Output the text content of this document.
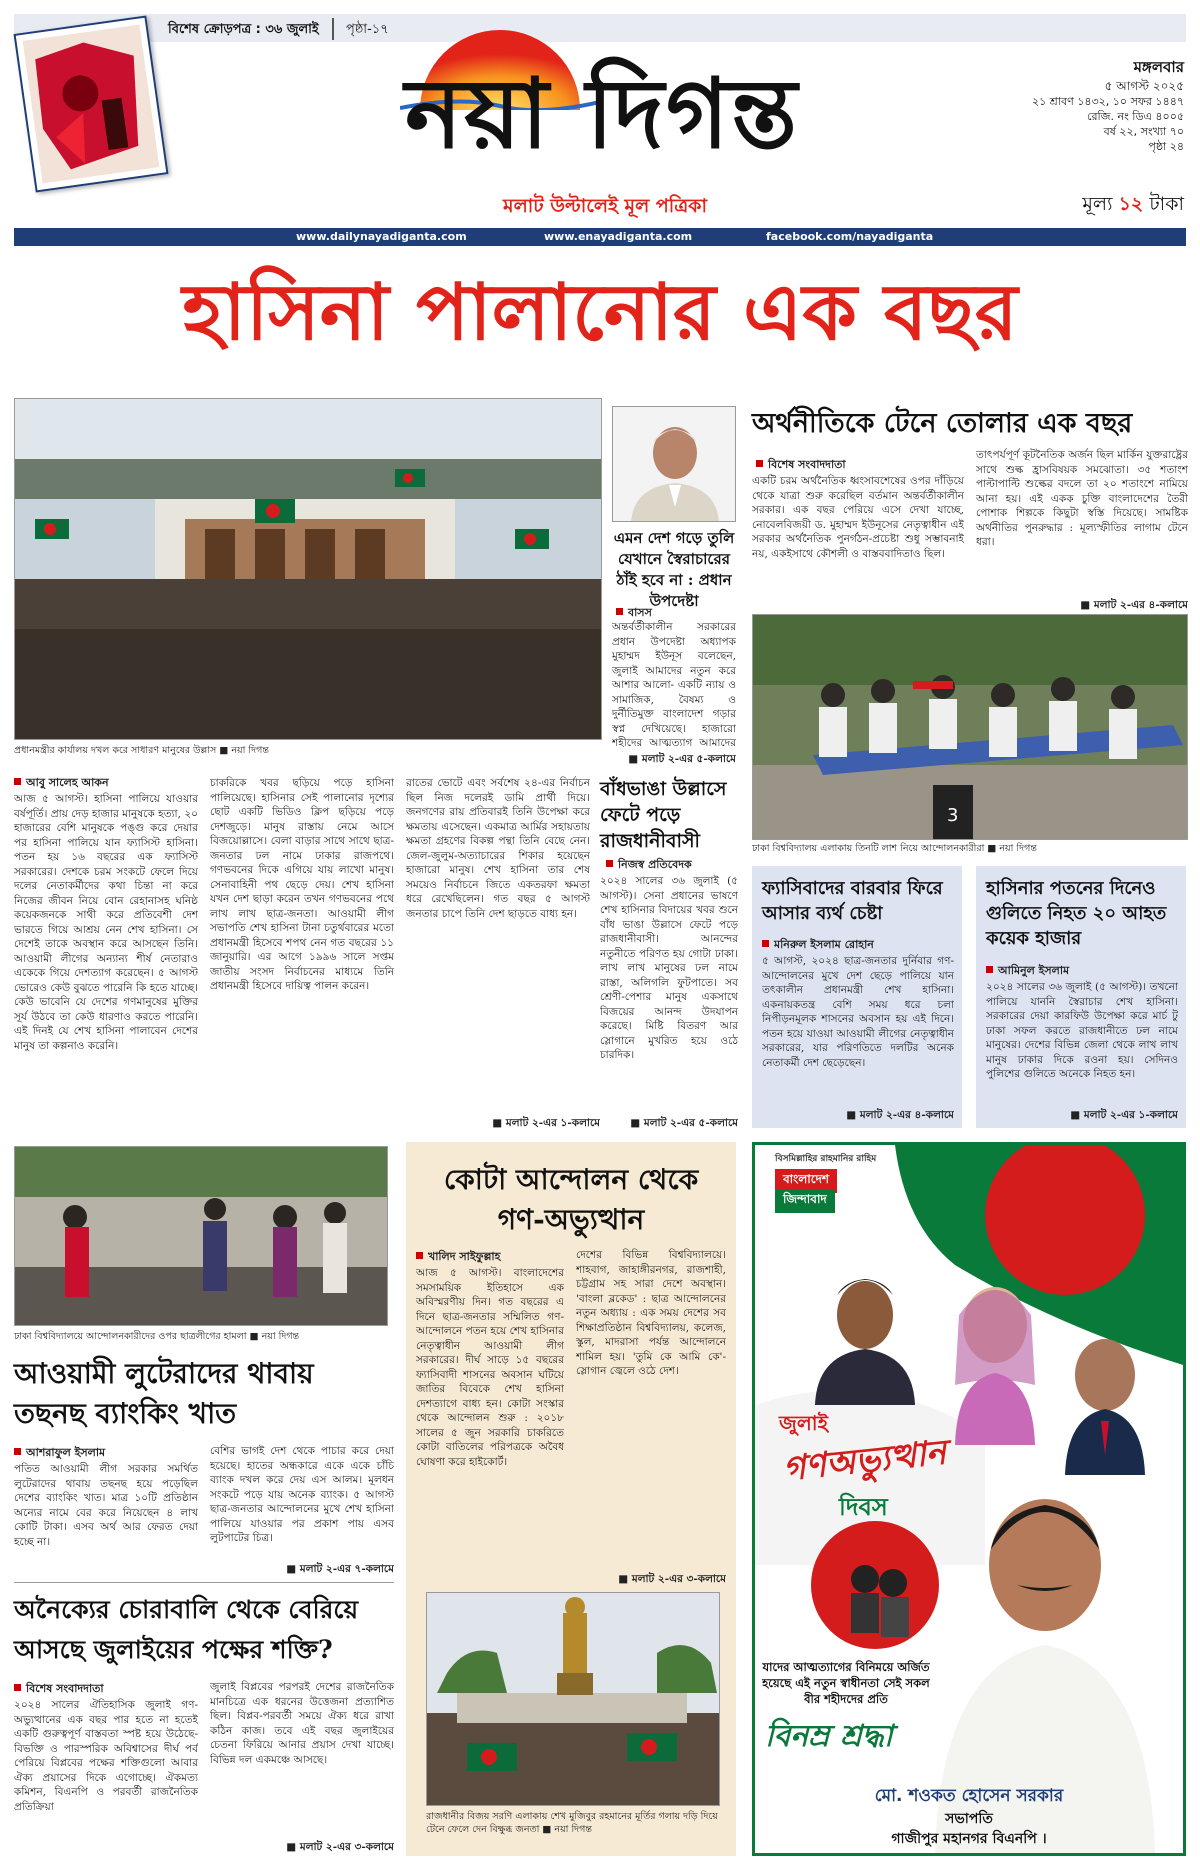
বিশেষ ক্রোড়পত্র : ৩৬ জুলাই পৃষ্ঠা-১৭
নয়া দিগন্ত
মলাট উল্টালেই মূল পত্রিকা
মঙ্গলবার
৫ আগস্ট ২০২৫
২১ শ্রাবণ ১৪৩২, ১০ সফর ১৪৪৭
রেজি. নং ডিএ ৪০০৫
বর্ষ ২২, সংখ্যা ৭০
পৃষ্ঠা ২৪
মূল্য ১২ টাকা
www.dailynayadiganta.com	www.enayadiganta.com	facebook.com/nayadiganta
হাসিনা পালানোর এক বছর
প্রধানমন্ত্রীর কার্যালয় দখল করে সাধারণ মানুষের উল্লাস ■ নয়া দিগন্ত
আবু সালেহ আকন
আজ ৫ আগস্ট। হাসিনা পালিয়ে যাওয়ার বর্ষপূর্তি। প্রায় দেড় হাজার মানুষকে হত্যা, ২০ হাজারের বেশি মানুষকে পঙ্গু করে দেয়ার পর হাসিনা পালিয়ে যান ফ্যাসিস্ট হাসিনা। পতন হয় ১৬ বছরের এক ফ্যাসিস্ট সরকারের। দেশকে চরম সংকটে ফেলে দিয়ে দলের নেতাকর্মীদের কথা চিন্তা না করে নিজের জীবন নিয়ে বোন রেহানাসহ ঘনিষ্ঠ কয়েকজনকে সাথী করে প্রতিবেশী দেশ ভারতে গিয়ে আশ্রয় নেন শেখ হাসিনা। সে দেশেই তাকে অবস্থান করে আসছেন তিনি। আওয়ামী লীগের অন্যান্য শীর্ষ নেতারাও একেকে গিয়ে দেশত্যাগ করেছেন। ৫ আগস্ট ভোরেও কেউ বুঝতে পারেনি কি হতে যাচ্ছে। কেউ ভাবেনি যে দেশের গণমানুষের মুক্তির সূর্য উঠবে তা কেউ ধারণাও করতে পারেনি। এই দিনই যে শেখ হাসিনা পালাবেন দেশের মানুষ তা কল্পনাও করেনি।
চাকরিকে খবর ছড়িয়ে পড়ে হাসিনা পালিয়েছে। হাসিনার সেই পালানোর দৃশ্যের ছোট একটি ভিডিও ক্লিপ ছড়িয়ে পড়ে দেশজুড়ে। মানুষ রাস্তায় নেমে আসে বিজয়োল্লাসে। বেলা বাড়ার সাথে সাথে ছাত্র-জনতার ঢল নামে ঢাকার রাজপথে। গণভবনের দিকে এগিয়ে যায় লাখো মানুষ। সেনাবাহিনী পথ ছেড়ে দেয়। শেখ হাসিনা যখন দেশ ছাড়া করেন তখন গণভবনের পথে লাখ লাখ ছাত্র-জনতা। আওয়ামী লীগ সভাপতি শেখ হাসিনা টানা চতুর্থবারের মতো প্রধানমন্ত্রী হিসেবে শপথ নেন গত বছরের ১১ জানুয়ারি। এর আগে ১৯৯৬ সালে সপ্তম জাতীয় সংসদ নির্বাচনের মাধ্যমে তিনি প্রধানমন্ত্রী হিসেবে দায়িত্ব পালন করেন।
রাতের ভোটে এবং সর্বশেষ ২৪-এর নির্বাচন ছিল নিজ দলেরই ডামি প্রার্থী দিয়ে। জনগণের রায় প্রতিবারই তিনি উপেক্ষা করে ক্ষমতায় এসেছেন। একমাত্র আর্মির সহায়তায় ক্ষমতা গ্রহণের বিকল্প পন্থা তিনি বেছে নেন। জেল-জুলুম-অত্যাচারের শিকার হয়েছেন হাজারো মানুষ। শেখ হাসিনা তার শেষ সময়েও নির্বাচনে জিতে একতরফা ক্ষমতা ধরে রেখেছিলেন। গত বছর ৫ আগস্ট জনতার চাপে তিনি দেশ ছাড়তে বাধ্য হন।
■ মলাট ২-এর ১-কলামে
এমন দেশ গড়ে তুলি যেখানে স্বৈরাচারের ঠাঁই হবে না : প্রধান উপদেষ্টা
বাসস
অন্তর্বর্তীকালীন সরকারের প্রধান উপদেষ্টা অধ্যাপক মুহাম্মদ ইউনূস বলেছেন, জুলাই আমাদের নতুন করে আশার আলো- একটি ন্যায় ও সামাজিক, বৈষম্য ও দুর্নীতিমুক্ত বাংলাদেশ গড়ার স্বপ্ন দেখিয়েছে। হাজারো শহীদের আত্মত্যাগ আমাদের
■ মলাট ২-এর ৫-কলামে
অর্থনীতিকে টেনে তোলার এক বছর
বিশেষ সংবাদদাতা
একটি চরম অর্থনৈতিক ধ্বংসাবশেষের ওপর দাঁড়িয়ে থেকে যাত্রা শুরু করেছিল বর্তমান অন্তর্বর্তীকালীন সরকার। এক বছর পেরিয়ে এসে দেখা যাচ্ছে, নোবেলবিজয়ী ড. মুহাম্মদ ইউনূসের নেতৃত্বাধীন এই সরকার অর্থনৈতিক পুনর্গঠন-প্রচেষ্টা শুধু সম্ভাবনাই নয়, একইসাথে কৌশলী ও বাস্তববাদিতাও ছিল।
তাৎপর্যপূর্ণ কূটনৈতিক অর্জন ছিল মার্কিন যুক্তরাষ্ট্রের সাথে শুল্ক হ্রাসবিষয়ক সমঝোতা। ৩৫ শতাংশ পাল্টাপাল্টি শুল্কের বদলে তা ২০ শতাংশে নামিয়ে আনা হয়। এই একক চুক্তি বাংলাদেশের তৈরী পোশাক শিল্পকে কিছুটা স্বস্তি দিয়েছে। সামষ্টিক অর্থনীতির পুনরুদ্ধার : মূল্যস্ফীতির লাগাম টেনে ধরা।
■ মলাট ২-এর ৪-কলামে
3
ঢাকা বিশ্ববিদ্যালয় এলাকায় তিনটি লাশ নিয়ে আন্দোলনকারীরা ■ নয়া দিগন্ত
বাঁধভাঙা উল্লাসে ফেটে পড়ে রাজধানীবাসী
নিজস্ব প্রতিবেদক
২০২৪ সালের ৩৬ জুলাই (৫ আগস্ট)। সেনা প্রধানের ভাষণে শেখ হাসিনার বিদায়ের খবর শুনে বাঁধ ভাঙা উল্লাসে ফেটে পড়ে রাজধানীবাসী। আনন্দের নতুনীতে পরিণত হয় গোটা ঢাকা। লাখ লাখ মানুষের ঢল নামে রাস্তা, অলিগলি ফুটপাতে। সব শ্রেণী-পেশার মানুষ একসাথে বিজয়ের আনন্দ উদযাপন করেছে। মিষ্টি বিতরণ আর স্লোগানে মুখরিত হয়ে ওঠে চারদিক।
■ মলাট ২-এর ৫-কলামে
ফ্যাসিবাদের বারবার ফিরে আসার ব্যর্থ চেষ্টা
মনিরুল ইসলাম রোহান
৫ আগস্ট, ২০২৪ ছাত্র-জনতার দুর্নিবার গণ-আন্দোলনের মুখে দেশ ছেড়ে পালিয়ে যান তৎকালীন প্রধানমন্ত্রী শেখ হাসিনা। একনায়কতন্ত্র বেশি সময় ধরে চলা নিপীড়নমূলক শাসনের অবসান হয় এই দিনে। পতন হয়ে যাওয়া আওয়ামী লীগের নেতৃত্বাধীন সরকারের, যার পরিণতিতে দলটির অনেক নেতাকর্মী দেশ ছেড়েছেন।
■ মলাট ২-এর ৪-কলামে
হাসিনার পতনের দিনেও গুলিতে নিহত ২০ আহত কয়েক হাজার
আমিনুল ইসলাম
২০২৪ সালের ৩৬ জুলাই (৫ আগস্ট)। তখনো পালিয়ে যাননি স্বৈরাচার শেখ হাসিনা। সরকারের দেয়া কারফিউ উপেক্ষা করে মার্চ টু ঢাকা সফল করতে রাজধানীতে ঢল নামে মানুষের। দেশের বিভিন্ন জেলা থেকে লাখ লাখ মানুষ ঢাকার দিকে রওনা হয়। সেদিনও পুলিশের গুলিতে অনেকে নিহত হন।
■ মলাট ২-এর ১-কলামে
ঢাকা বিশ্ববিদ্যালয়ে আন্দোলনকারীদের ওপর ছাত্রলীগের হামলা ■ নয়া দিগন্ত
আওয়ামী লুটেরাদের থাবায় তছনছ ব্যাংকিং খাত
আশরাফুল ইসলাম
পতিত আওয়ামী লীগ সরকার সমর্থিত লুটেরাদের থাবায় তছনছ হয়ে পড়েছিল দেশের ব্যাংকিং খাত। মাত্র ১০টি প্রতিষ্ঠান অন্যের নামে বের করে নিয়েছেন ৪ লাখ কোটি টাকা। এসব অর্থ আর ফেরত দেয়া হচ্ছে না।
বেশির ভাগই দেশ থেকে পাচার করে দেয়া হয়েছে। হাতের অন্ধকারে একে একে চাঁচি ব্যাংক দখল করে দেয় এস আলম। মূলধন সংকটে পড়ে যায় অনেক ব্যাংক। ৫ আগস্ট ছাত্র-জনতার আন্দোলনের মুখে শেখ হাসিনা পালিয়ে যাওয়ার পর প্রকাশ পায় এসব লুটপাটের চিত্র।
■ মলাট ২-এর ৭-কলামে
অনৈক্যের চোরাবালি থেকে বেরিয়ে আসছে জুলাইয়ের পক্ষের শক্তি?
বিশেষ সংবাদদাতা
২০২৪ সালের ঐতিহাসিক জুলাই গণ-অভ্যুত্থানের এক বছর পার হতে না হতেই একটি গুরুত্বপূর্ণ বাস্তবতা স্পষ্ট হয়ে উঠেছে- বিভক্তি ও পারস্পরিক অবিশ্বাসের দীর্ঘ পর্ব পেরিয়ে বিপ্লবের পক্ষের শক্তিগুলো আবার ঐক্য প্রয়াসের দিকে এগোচ্ছে। ঐকমত্য কমিশন, বিএনপি ও পরবর্তী রাজনৈতিক প্রতিক্রিয়া
জুলাই বিপ্লবের পরপরই দেশের রাজনৈতিক মানচিত্রে এক ধরনের উত্তেজনা প্রত্যাশিত ছিল। বিপ্লব-পরবর্তী সময়ে ঐক্য ধরে রাখা কঠিন কাজ। তবে এই বছর জুলাইয়ের চেতনা ফিরিয়ে আনার প্রয়াস দেখা যাচ্ছে। বিভিন্ন দল একমঞ্চে আসছে।
■ মলাট ২-এর ৩-কলামে
কোটা আন্দোলন থেকে গণ-অভ্যুত্থান
খালিদ সাইফুল্লাহ
আজ ৫ আগস্ট। বাংলাদেশের সমসাময়িক ইতিহাসে এক অবিস্মরণীয় দিন। গত বছরের এ দিনে ছাত্র-জনতার সম্মিলিত গণ-আন্দোলনে পতন হয়ে শেখ হাসিনার নেতৃত্বাধীন আওয়ামী লীগ সরকারের। দীর্ঘ সাড়ে ১৫ বছরের ফ্যাসিবাদী শাসনের অবসান ঘটিয়ে জাতির বিবেকে শেখ হাসিনা দেশত্যাগে বাধ্য হন। কোটা সংস্কার থেকে আন্দোলন শুরু : ২০১৮ সালের ৫ জুন সরকারি চাকরিতে কোটা বাতিলের পরিপত্রকে অবৈধ ঘোষণা করে হাইকোর্ট।
দেশের বিভিন্ন বিশ্ববিদ্যালয়ে। শাহবাগ, জাহাঙ্গীরনগর, রাজশাহী, চট্টগ্রাম সহ সারা দেশে অবস্থান। 'বাংলা ব্লকেড' : ছাত্র আন্দোলনের নতুন অধ্যায় : এক সময় দেশের সব শিক্ষাপ্রতিষ্ঠান বিশ্ববিদ্যালয়, কলেজ, স্কুল, মাদরাসা পর্যন্ত আন্দোলনে শামিল হয়। 'তুমি কে আমি কে'- স্লোগান জ্বেলে ওঠে দেশ।
■ মলাট ২-এর ৩-কলামে
রাজধানীর বিজয় সরণি এলাকায় শেখ মুজিবুর রহমানের মূর্তির গলায় দড়ি দিয়ে টেনে ফেলে দেন বিক্ষুব্ধ জনতা ■ নয়া দিগন্ত
বিসমিল্লাহির রাহমানির রাহিম
বাংলাদেশ
জিন্দাবাদ
জুলাই
গণঅভ্যুত্থান
দিবস
যাদের আত্মত্যাগের বিনিময়ে অর্জিত হয়েছে এই নতুন স্বাধীনতা সেই সকল বীর শহীদদের প্রতি
বিনম্র শ্রদ্ধা
মো. শওকত হোসেন সরকার
সভাপতি
গাজীপুর মহানগর বিএনপি ।
